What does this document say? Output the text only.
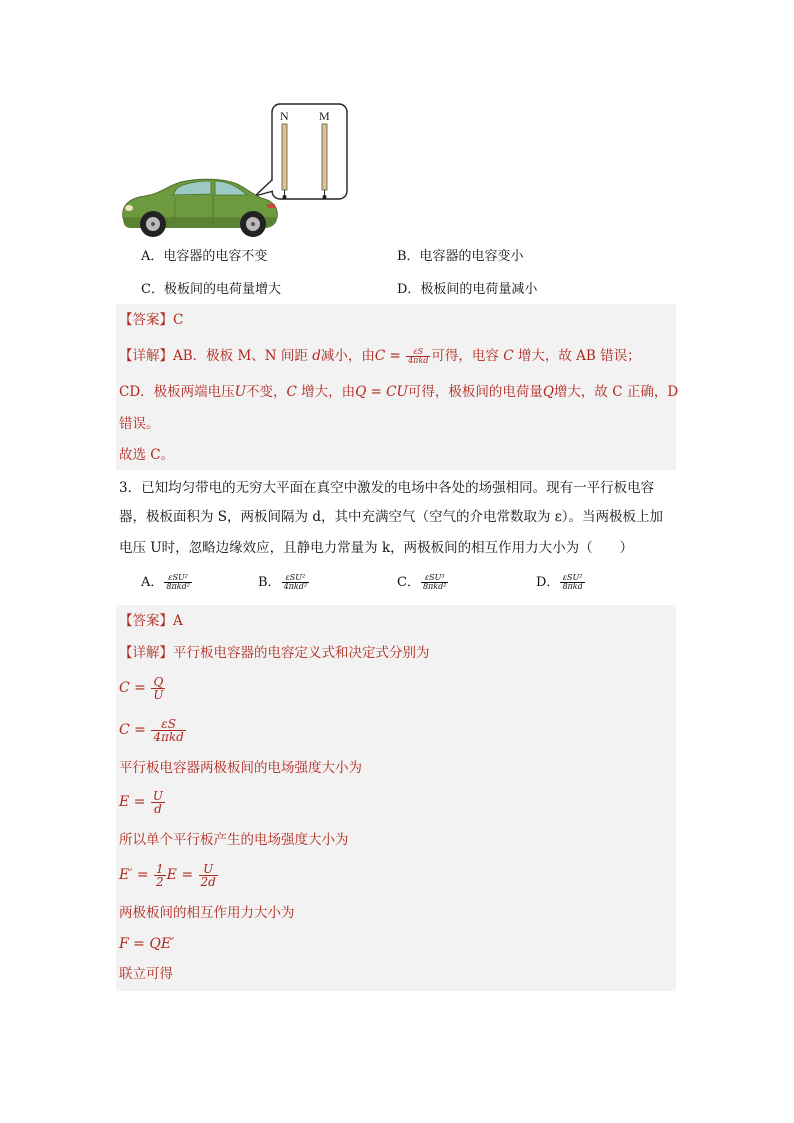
N	M
A．电容器的电容不变	B．电容器的电容变小
C．极板间的电荷量增大	D．极板间的电荷量减小
【答案】C
【详解】AB．极板 M、N 间距 d减小，由$C = \frac{\varepsilon S}{\text{4πkd}}$ 可得，电容 C 增大，故 AB 错误；
CD．极板两端电压U不变，C 增大，由Q = CU可得，极板间的电荷量Q增大，故 C 正确，D
错误。
故选 C。
3．已知均匀带电的无穷大平面在真空中激发的电场中各处的场强相同。现有一平行板电容
器，极板面积为 S，两板间隔为 d，其中充满空气（空气的介电常数取为 ε）。当两极板上加
电压 U时，忽略边缘效应，且静电力常量为 k，两极板间的相互作用力大小为（　　）
A． $\frac{\text{εSU²}}{\text{8πkd²}}$	B． $\frac{\text{εSU²}}{\text{4πkd²}}$	C． $\frac{\text{εSU³}}{\text{8πkd²}}$	D． $\frac{\text{εSU²}}{\text{8πkd}}$
【答案】A
【详解】平行板电容器的电容定义式和决定式分别为
$C = \frac{Q}{U}$
$C = \frac{\varepsilon S}{\text{4πkd}}$
平行板电容器两极板间的电场强度大小为
$E = \frac{U}{d}$
所以单个平行板产生的电场强度大小为
$E' = \frac{1}{2}$ $E = \frac{U}{2d}$
两极板间的相互作用力大小为
F = QE′
联立可得
